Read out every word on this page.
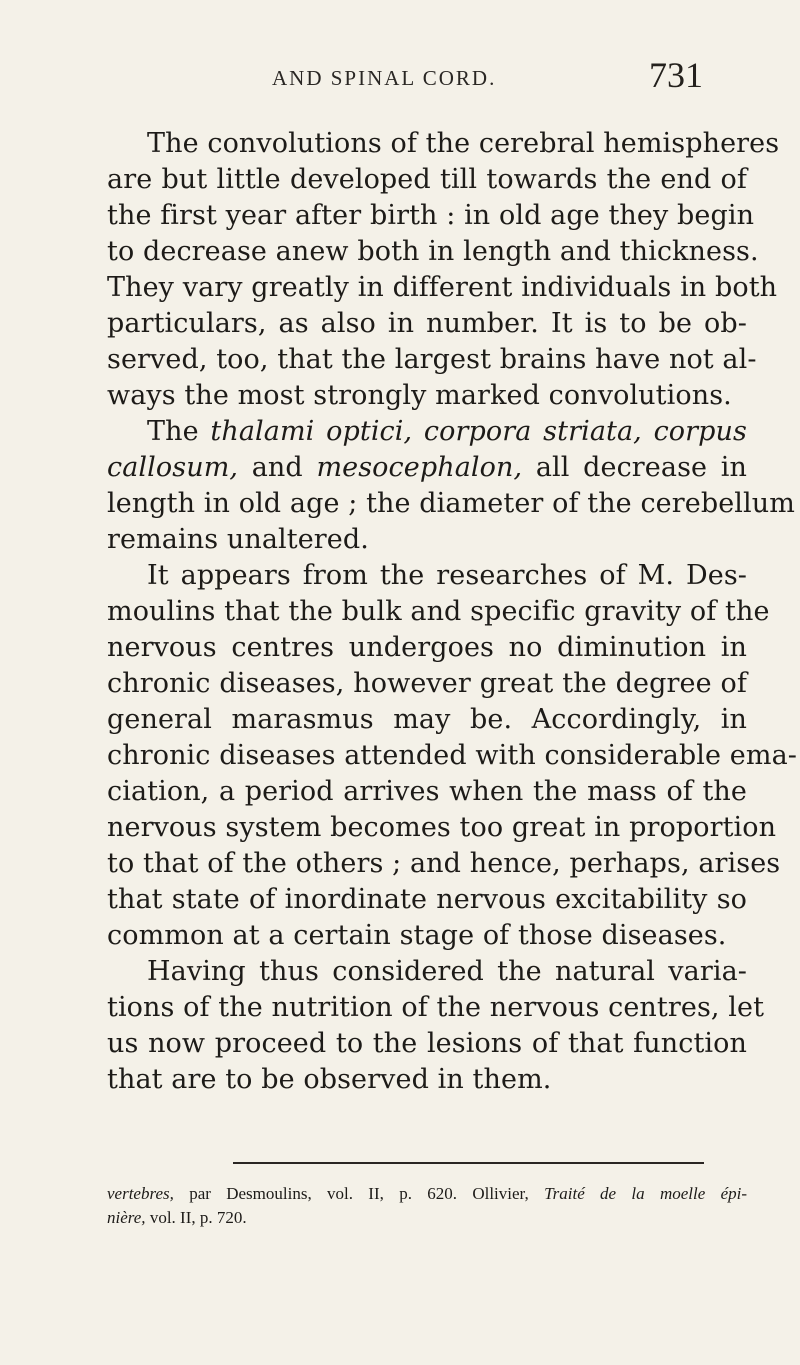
AND SPINAL CORD.	731
The convolutions of the cerebral hemispheres
are but little developed till towards the end of
the first year after birth : in old age they begin
to decrease anew both in length and thickness.
They vary greatly in different individuals in both
particulars, as also in number. It is to be ob-
served, too, that the largest brains have not al-
ways the most strongly marked convolutions.
The thalami optici, corpora striata, corpus
callosum, and mesocephalon, all decrease in
length in old age ; the diameter of the cerebellum
remains unaltered.
It appears from the researches of M. Des-
moulins that the bulk and specific gravity of the
nervous centres undergoes no diminution in
chronic diseases, however great the degree of
general marasmus may be. Accordingly, in
chronic diseases attended with considerable ema-
ciation, a period arrives when the mass of the
nervous system becomes too great in proportion
to that of the others ; and hence, perhaps, arises
that state of inordinate nervous excitability so
common at a certain stage of those diseases.
Having thus considered the natural varia-
tions of the nutrition of the nervous centres, let
us now proceed to the lesions of that function
that are to be observed in them.
vertebres, par Desmoulins, vol. II, p. 620. Ollivier, Traité de la moelle épi-
nière, vol. II, p. 720.
